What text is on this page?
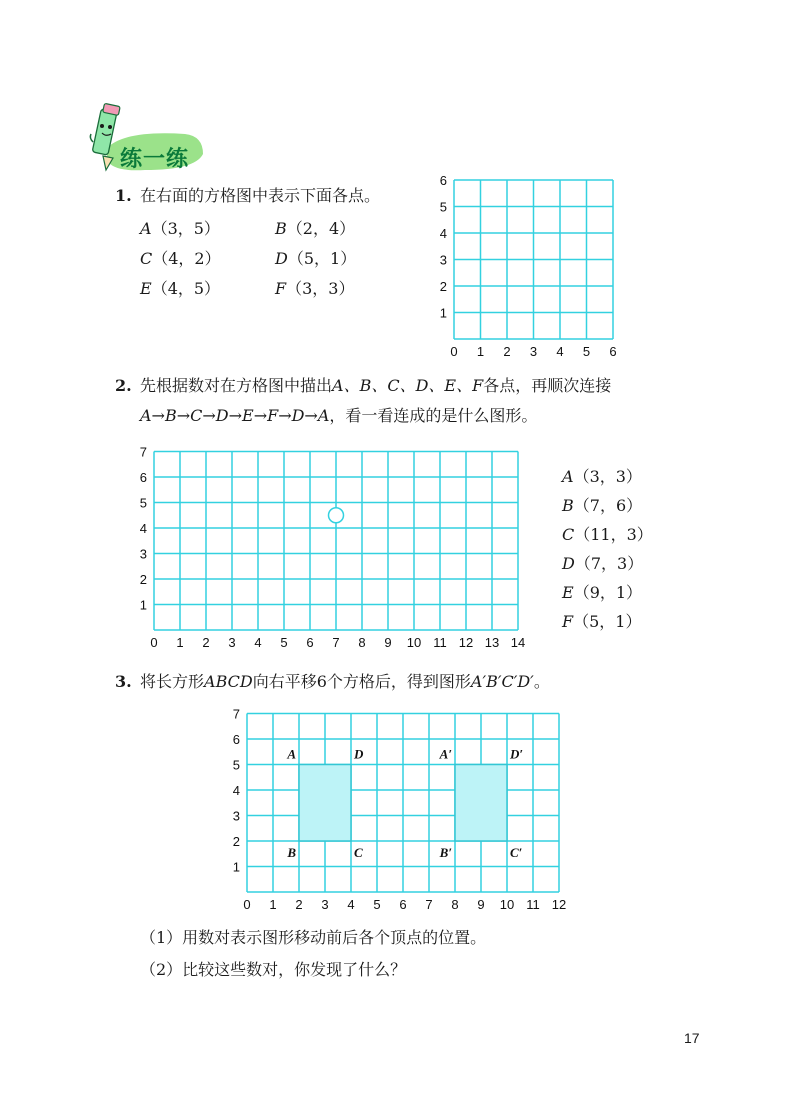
练一练
1. 在右面的方格图中表示下面各点。
A（3，5）	B（2，4）
C（4，2）	D（5，1）
E（4，5）	F（3，3）
0 1 2 3 4 5 6
1
2
3
4
5
6
2. 先根据数对在方格图中描出A、B、C、D、E、F各点，再顺次连接
A→B→C→D→E→F→D→A，看一看连成的是什么图形。
0 1 2 3 4 5 6 7 8 9 10 11 12 13 14
1
2
3
4
5
6
7
A（3，3）
B（7，6）
C（11，3）
D（7，3）
E（9，1）
F（5，1）
3. 将长方形ABCD向右平移6个方格后，得到图形A′B′C′D′。
0 1 2 3 4 5 6 7 8 9 10 11 12
1
2
3
4
5
6
7
A	D
B	C
A′	D′
B′	C′
（1）用数对表示图形移动前后各个顶点的位置。
（2）比较这些数对，你发现了什么？
17
